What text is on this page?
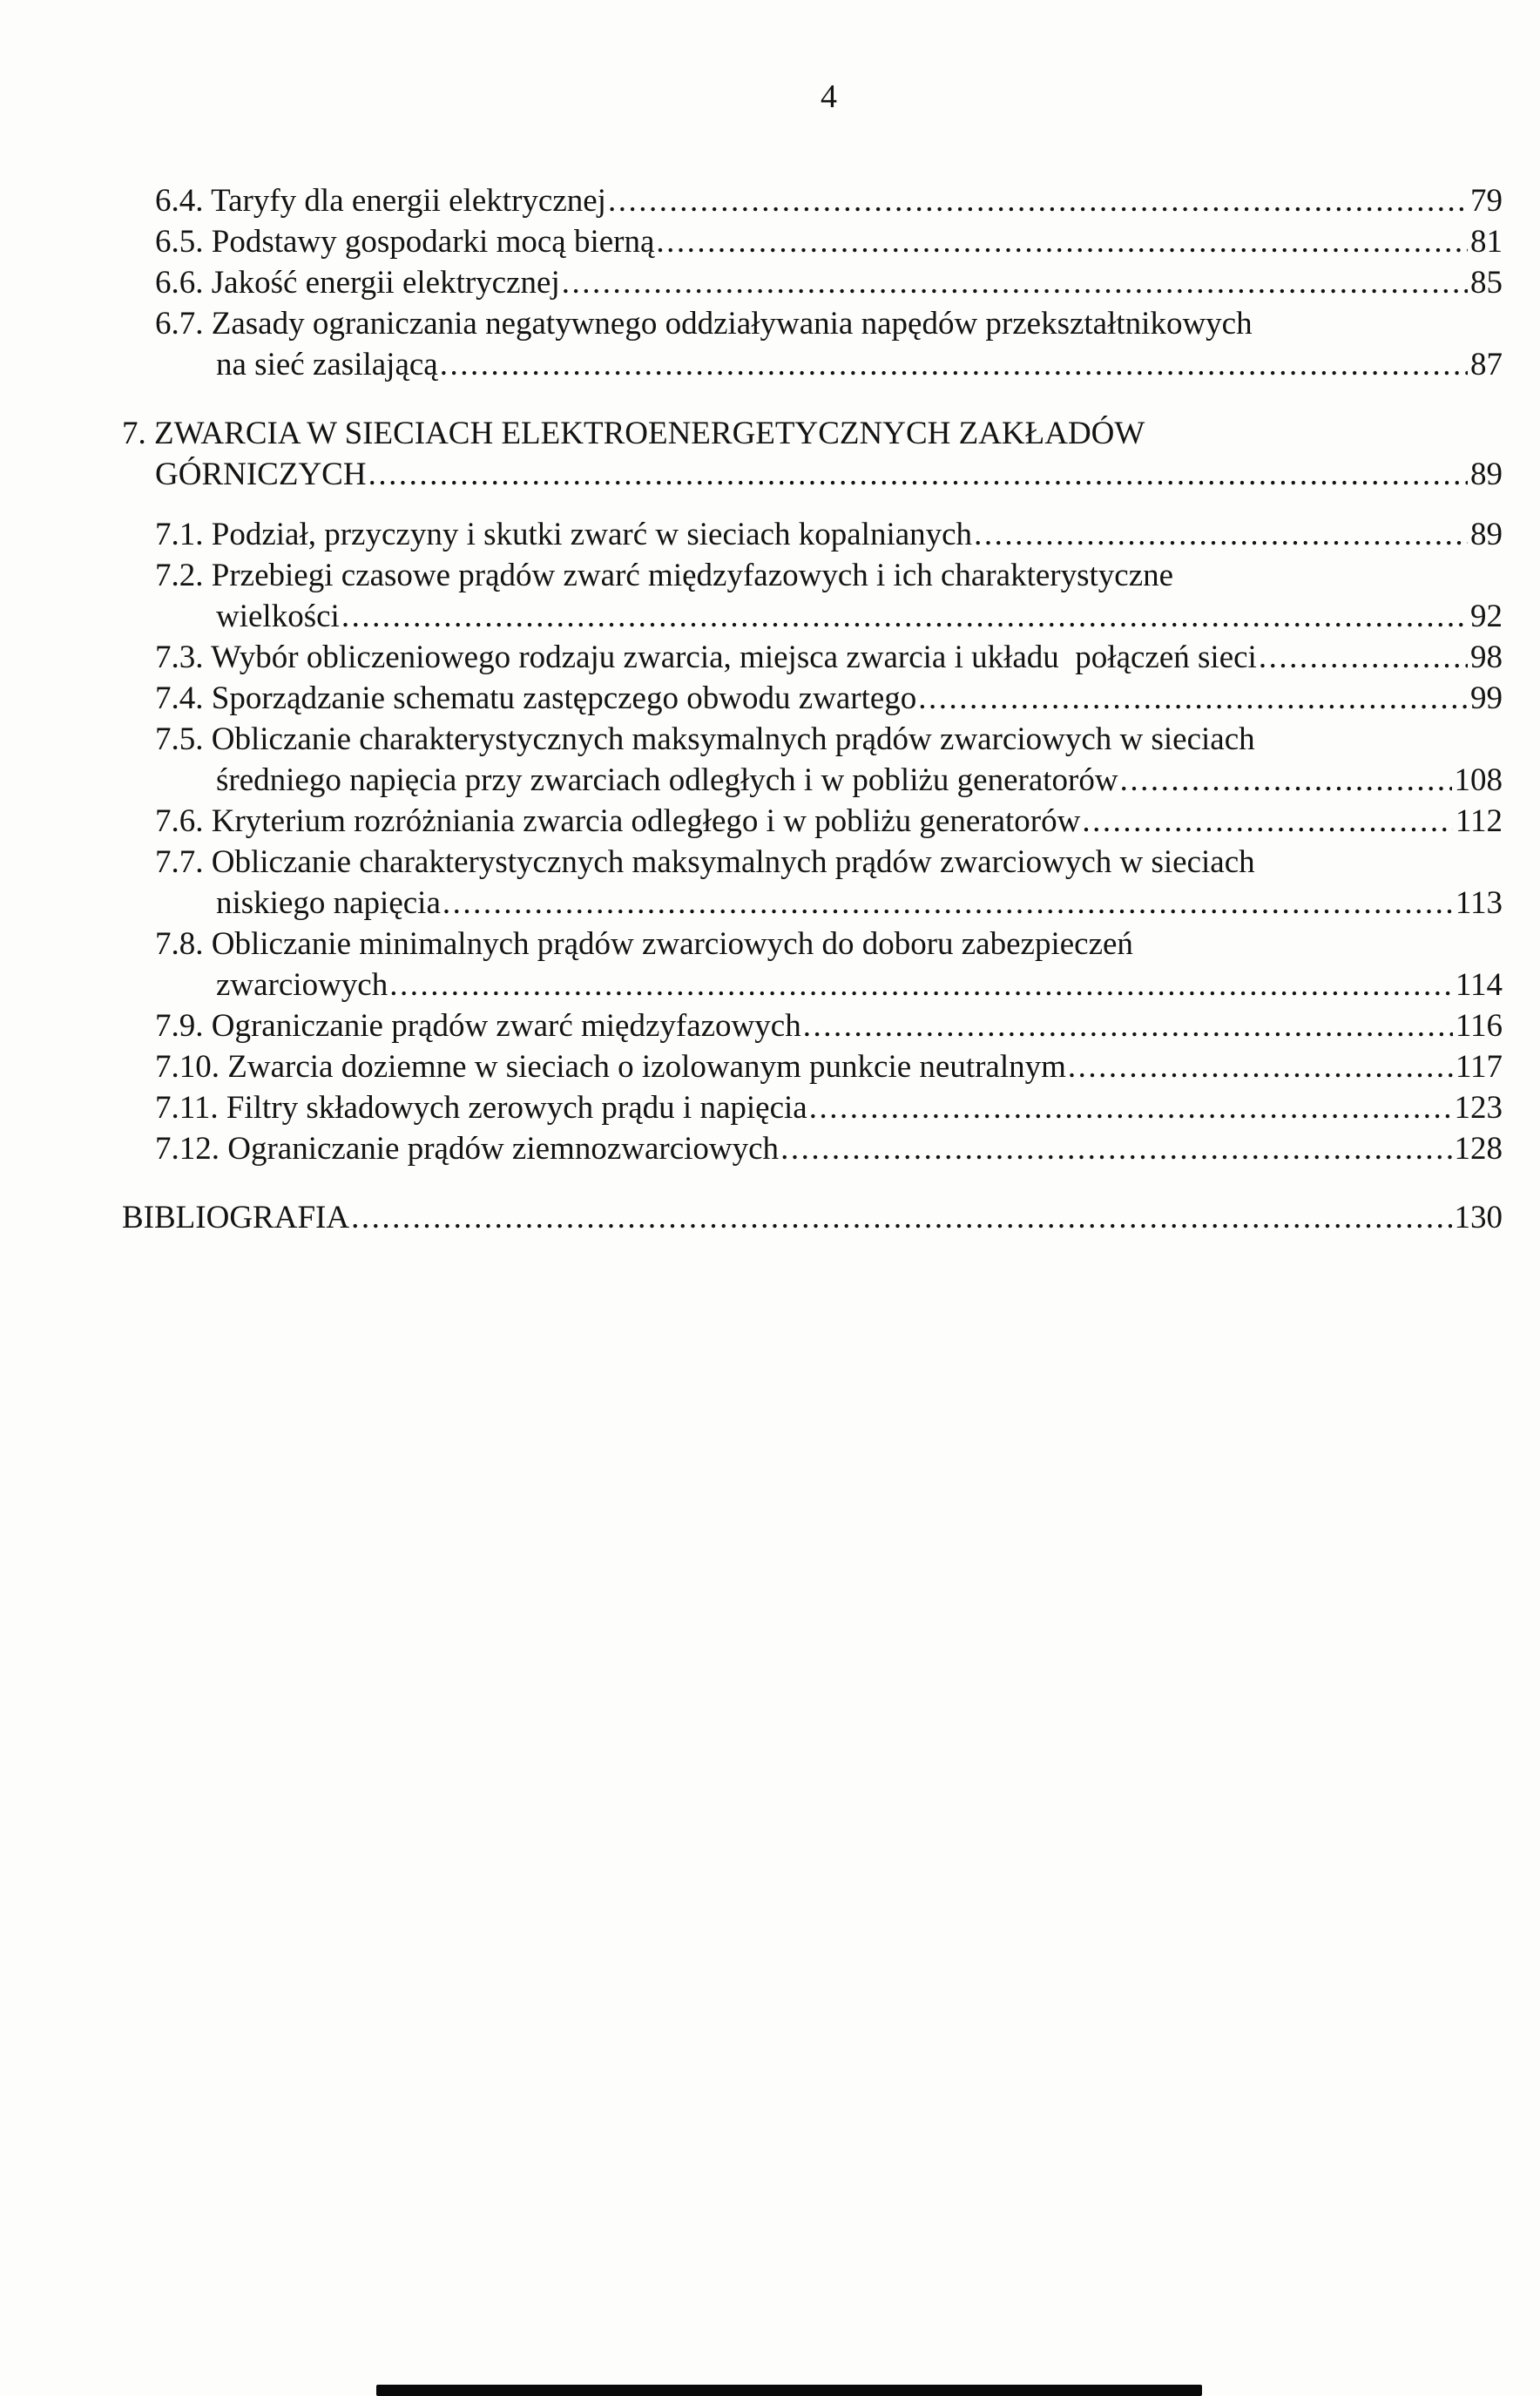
4
6.4. Taryfy dla energii elektrycznej .....	79
6.5. Podstawy gospodarki mocą bierną .....	81
6.6. Jakość energii elektrycznej .....	85
6.7. Zasady ograniczania negatywnego oddziaływania napędów przekształtnikowych
na sieć zasilającą .....	87
7. ZWARCIA W SIECIACH ELEKTROENERGETYCZNYCH ZAKŁADÓW
GÓRNICZYCH .....	89
7.1. Podział, przyczyny i skutki zwarć w sieciach kopalnianych .....	89
7.2. Przebiegi czasowe prądów zwarć międzyfazowych i ich charakterystyczne
wielkości .....	92
7.3. Wybór obliczeniowego rodzaju zwarcia, miejsca zwarcia i układu  połączeń sieci .....	98
7.4. Sporządzanie schematu zastępczego obwodu zwartego .....	99
7.5. Obliczanie charakterystycznych maksymalnych prądów zwarciowych w sieciach
średniego napięcia przy zwarciach odległych i w pobliżu generatorów .....	108
7.6. Kryterium rozróżniania zwarcia odległego i w pobliżu generatorów .....	112
7.7. Obliczanie charakterystycznych maksymalnych prądów zwarciowych w sieciach
niskiego napięcia .....	113
7.8. Obliczanie minimalnych prądów zwarciowych do doboru zabezpieczeń
zwarciowych .....	114
7.9. Ograniczanie prądów zwarć międzyfazowych .....	116
7.10. Zwarcia doziemne w sieciach o izolowanym punkcie neutralnym .....	117
7.11. Filtry składowych zerowych prądu i napięcia .....	123
7.12. Ograniczanie prądów ziemnozwarciowych .....	128
BIBLIOGRAFIA .....	130
